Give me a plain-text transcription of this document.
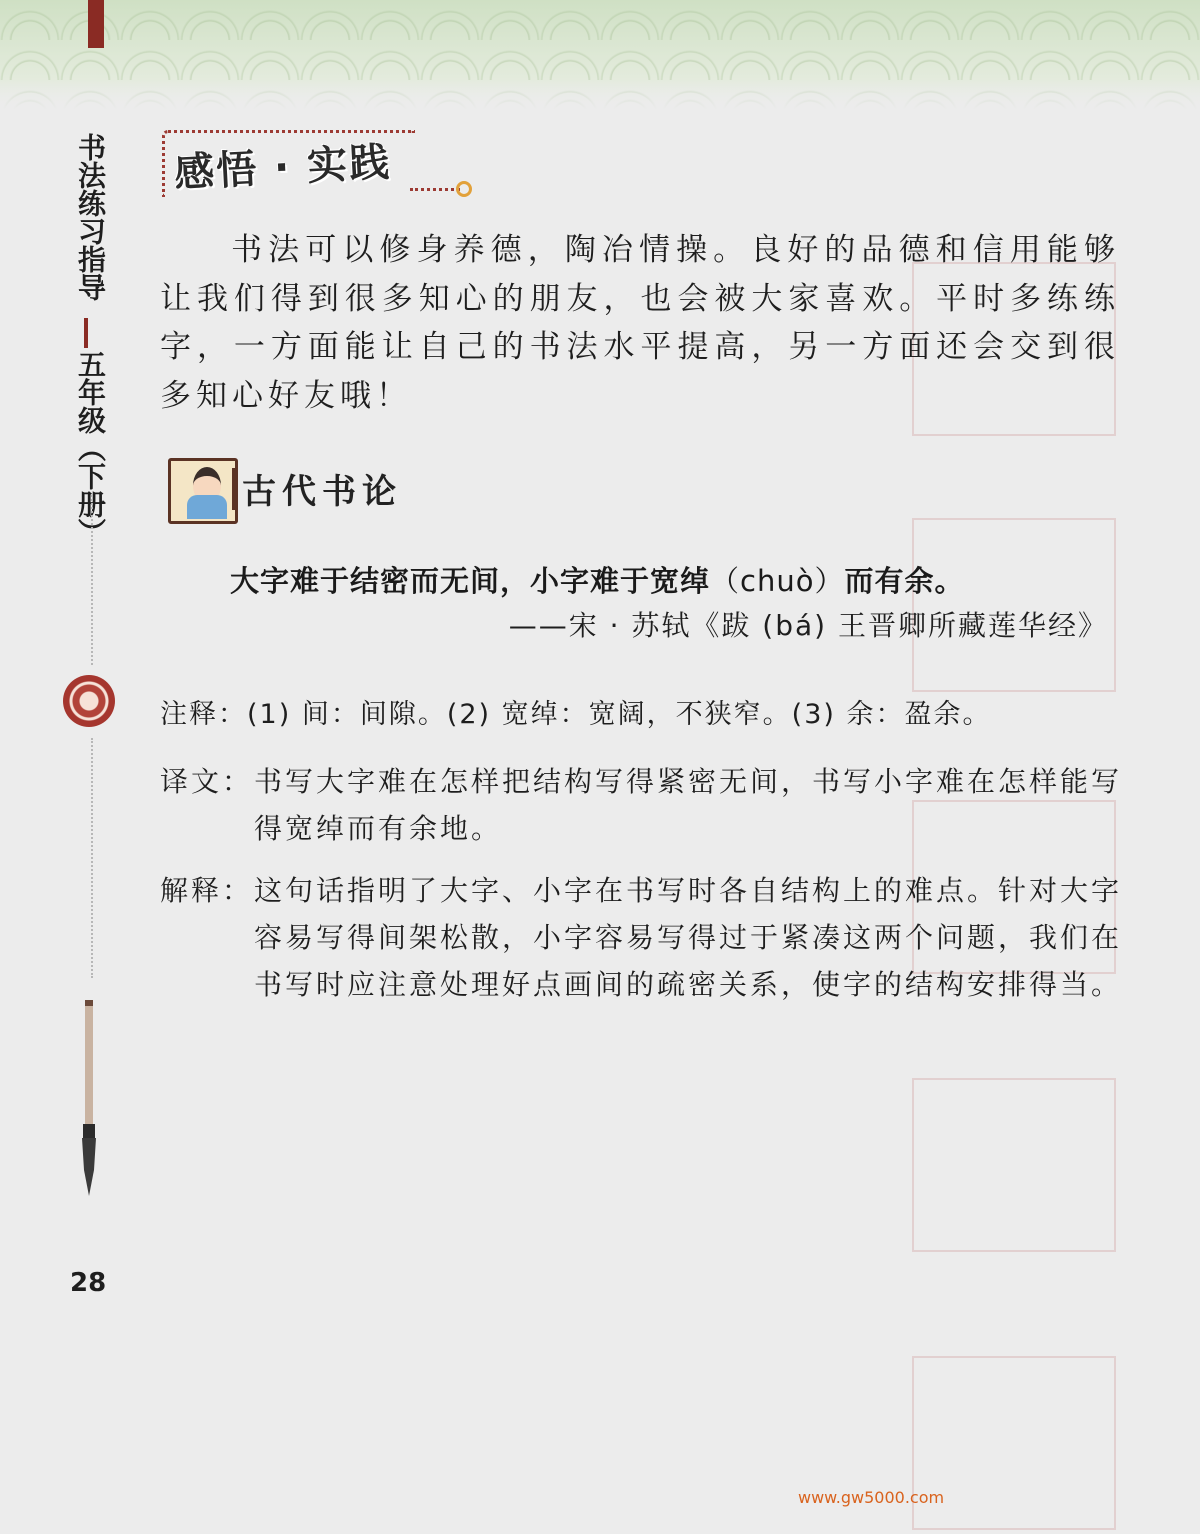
书法练习指导
五年级（下册）
28
感悟 · 实践
书法可以修身养德，陶冶情操。良好的品德和信用能够让我们得到很多知心的朋友，也会被大家喜欢。平时多练练字，一方面能让自己的书法水平提高，另一方面还会交到很多知心好友哦！
古代书论
大字难于结密而无间，小字难于宽绰（chuò）而有余。
——宋 · 苏轼《跋 (bá) 王晋卿所藏莲华经》
注释：(1) 间：间隙。(2) 宽绰：宽阔，不狭窄。(3) 余：盈余。
译文： 书写大字难在怎样把结构写得紧密无间，书写小字难在怎样能写得宽绰而有余地。
解释： 这句话指明了大字、小字在书写时各自结构上的难点。针对大字容易写得间架松散，小字容易写得过于紧凑这两个问题，我们在书写时应注意处理好点画间的疏密关系，使字的结构安排得当。
www.gw5000.com
